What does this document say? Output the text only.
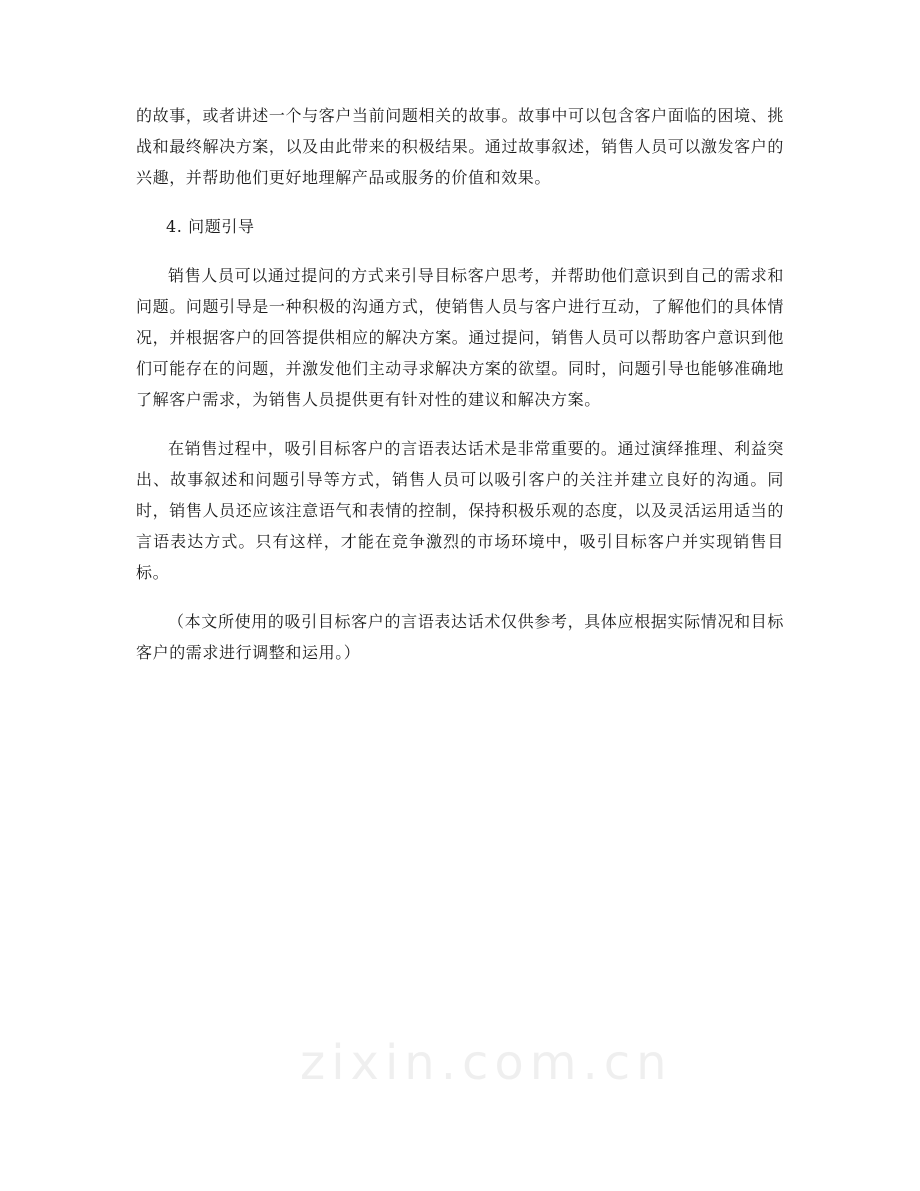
的故事，或者讲述一个与客户当前问题相关的故事。故事中可以包含客户面临的困境、挑战和最终解决方案，以及由此带来的积极结果。通过故事叙述，销售人员可以激发客户的兴趣，并帮助他们更好地理解产品或服务的价值和效果。

4. 问题引导

销售人员可以通过提问的方式来引导目标客户思考，并帮助他们意识到自己的需求和问题。问题引导是一种积极的沟通方式，使销售人员与客户进行互动，了解他们的具体情况，并根据客户的回答提供相应的解决方案。通过提问，销售人员可以帮助客户意识到他们可能存在的问题，并激发他们主动寻求解决方案的欲望。同时，问题引导也能够准确地了解客户需求，为销售人员提供更有针对性的建议和解决方案。

在销售过程中，吸引目标客户的言语表达话术是非常重要的。通过演绎推理、利益突出、故事叙述和问题引导等方式，销售人员可以吸引客户的关注并建立良好的沟通。同时，销售人员还应该注意语气和表情的控制，保持积极乐观的态度，以及灵活运用适当的言语表达方式。只有这样，才能在竞争激烈的市场环境中，吸引目标客户并实现销售目标。

（本文所使用的吸引目标客户的言语表达话术仅供参考，具体应根据实际情况和目标客户的需求进行调整和运用。）

zixin.com.cn
